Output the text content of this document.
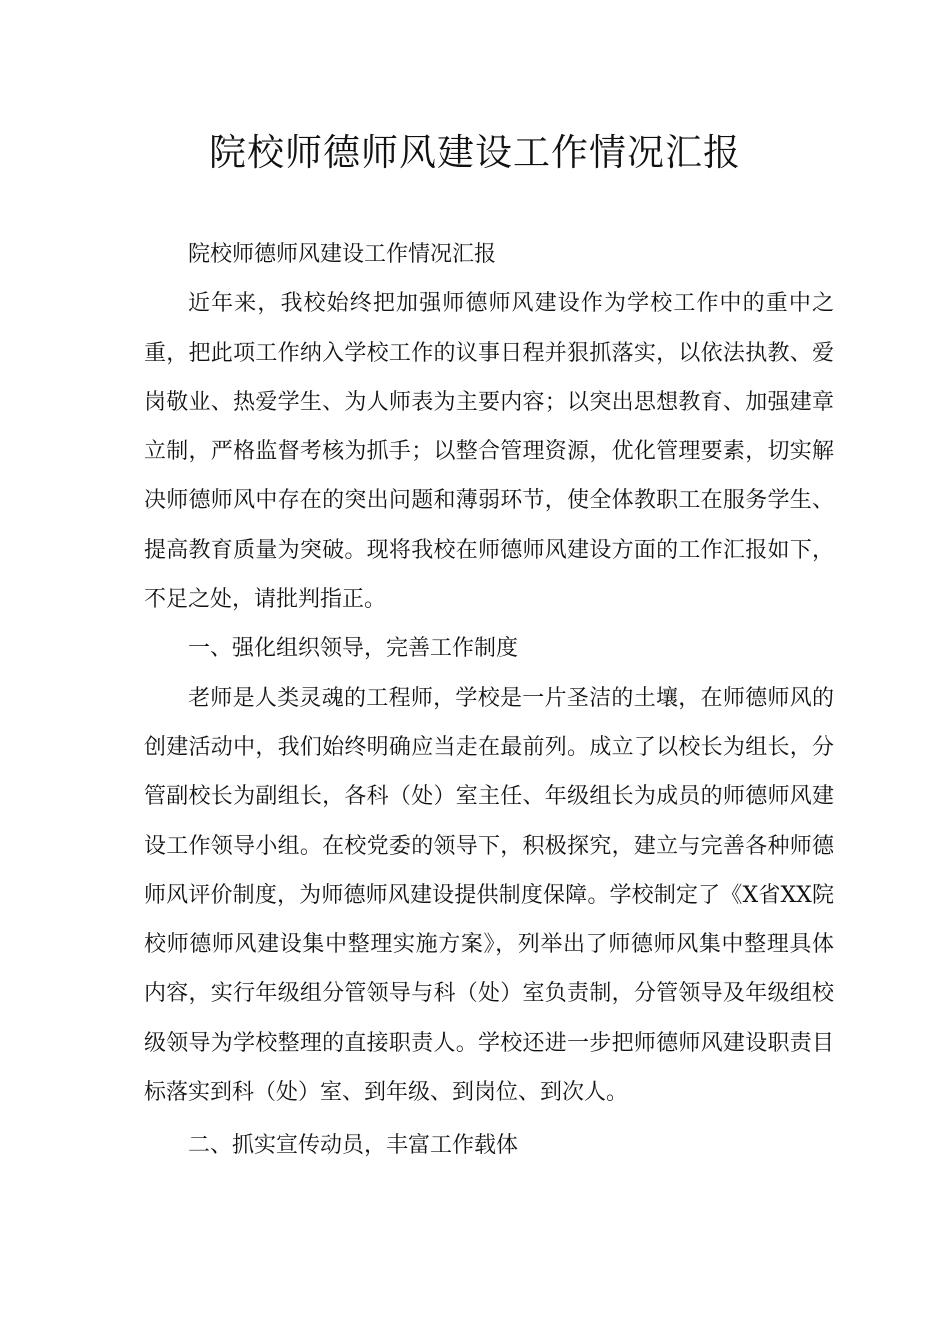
院校师德师风建设工作情况汇报

院校师德师风建设工作情况汇报

近年来，我校始终把加强师德师风建设作为学校工作中的重中之重，把此项工作纳入学校工作的议事日程并狠抓落实，以依法执教、爱岗敬业、热爱学生、为人师表为主要内容；以突出思想教育、加强建章立制，严格监督考核为抓手；以整合管理资源，优化管理要素，切实解决师德师风中存在的突出问题和薄弱环节，使全体教职工在服务学生、提高教育质量为突破。现将我校在师德师风建设方面的工作汇报如下，不足之处，请批判指正。

一、强化组织领导，完善工作制度

老师是人类灵魂的工程师，学校是一片圣洁的土壤，在师德师风的创建活动中，我们始终明确应当走在最前列。成立了以校长为组长，分管副校长为副组长，各科（处）室主任、年级组长为成员的师德师风建设工作领导小组。在校党委的领导下，积极探究，建立与完善各种师德师风评价制度，为师德师风建设提供制度保障。学校制定了《X省XX院校师德师风建设集中整理实施方案》，列举出了师德师风集中整理具体内容，实行年级组分管领导与科（处）室负责制，分管领导及年级组校级领导为学校整理的直接职责人。学校还进一步把师德师风建设职责目标落实到科（处）室、到年级、到岗位、到次人。

二、抓实宣传动员，丰富工作载体
